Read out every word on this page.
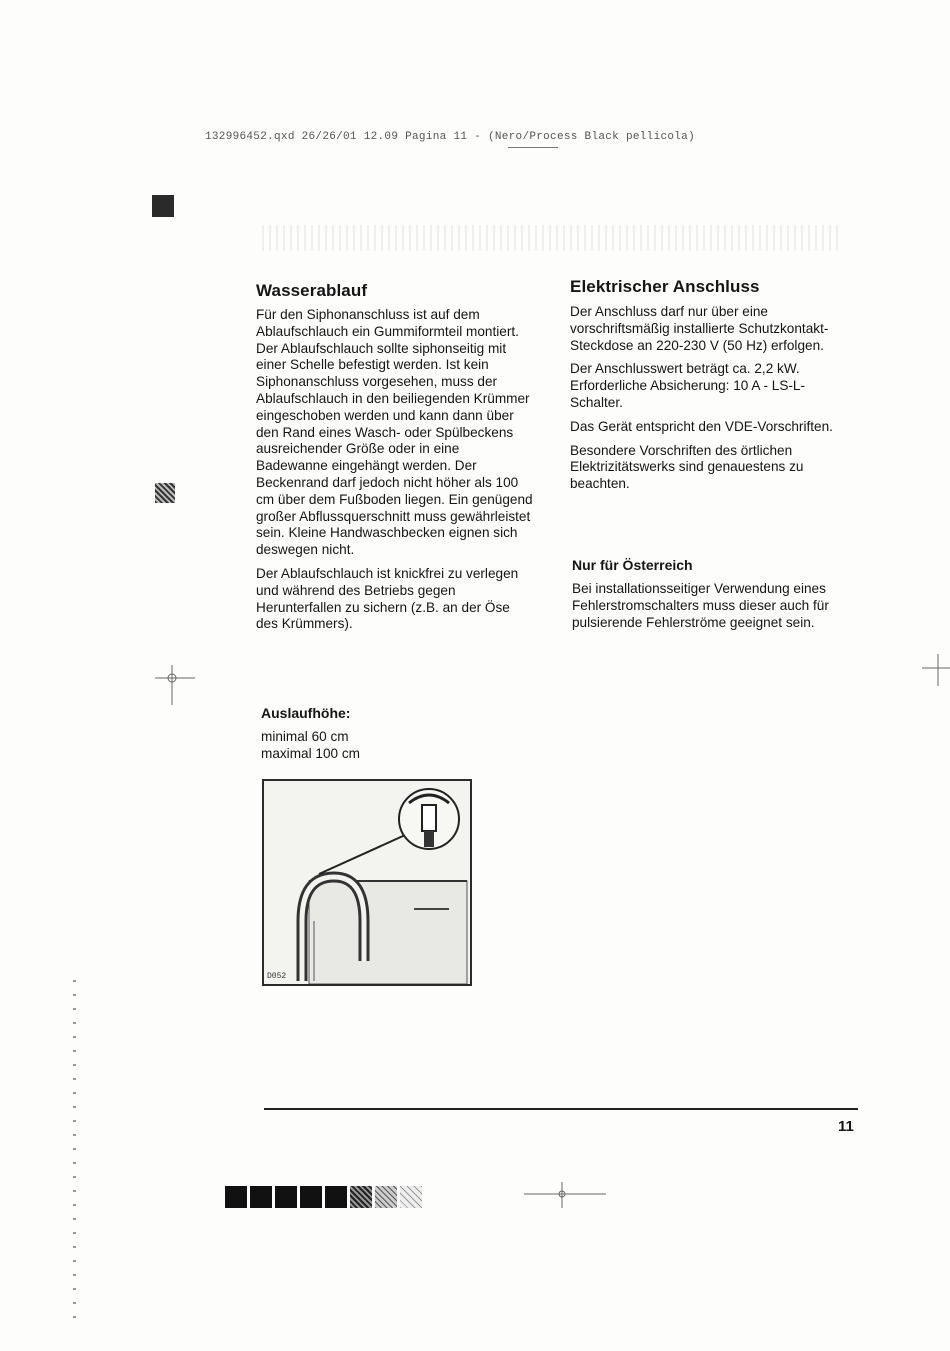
132996452.qxd 26/26/01 12.09 Pagina 11 - (Nero/Process Black pellicola)
Wasserablauf

Für den Siphonanschluss ist auf dem Ablaufschlauch ein Gummiformteil montiert. Der Ablaufschlauch sollte siphonseitig mit einer Schelle befestigt werden. Ist kein Siphonanschluss vorgesehen, muss der Ablaufschlauch in den beiliegenden Krümmer eingeschoben werden und kann dann über den Rand eines Wasch- oder Spülbeckens ausreichender Größe oder in eine Badewanne eingehängt werden. Der Beckenrand darf jedoch nicht höher als 100 cm über dem Fußboden liegen. Ein genügend großer Abflussquerschnitt muss gewährleistet sein. Kleine Handwaschbecken eignen sich deswegen nicht.

Der Ablaufschlauch ist knickfrei zu verlegen und während des Betriebs gegen Herunterfallen zu sichern (z.B. an der Öse des Krümmers).

Auslaufhöhe:
minimal 60 cm
maximal 100 cm
D052
Elektrischer Anschluss

Der Anschluss darf nur über eine vorschriftsmäßig installierte Schutzkontakt-Steckdose an 220-230 V (50 Hz) erfolgen.

Der Anschlusswert beträgt ca. 2,2 kW. Erforderliche Absicherung: 10 A - LS-L-Schalter.

Das Gerät entspricht den VDE-Vorschriften.

Besondere Vorschriften des örtlichen Elektrizitätswerks sind genauestens zu beachten.

Nur für Österreich

Bei installationsseitiger Verwendung eines Fehlerstromschalters muss dieser auch für pulsierende Fehlerströme geeignet sein.

11
